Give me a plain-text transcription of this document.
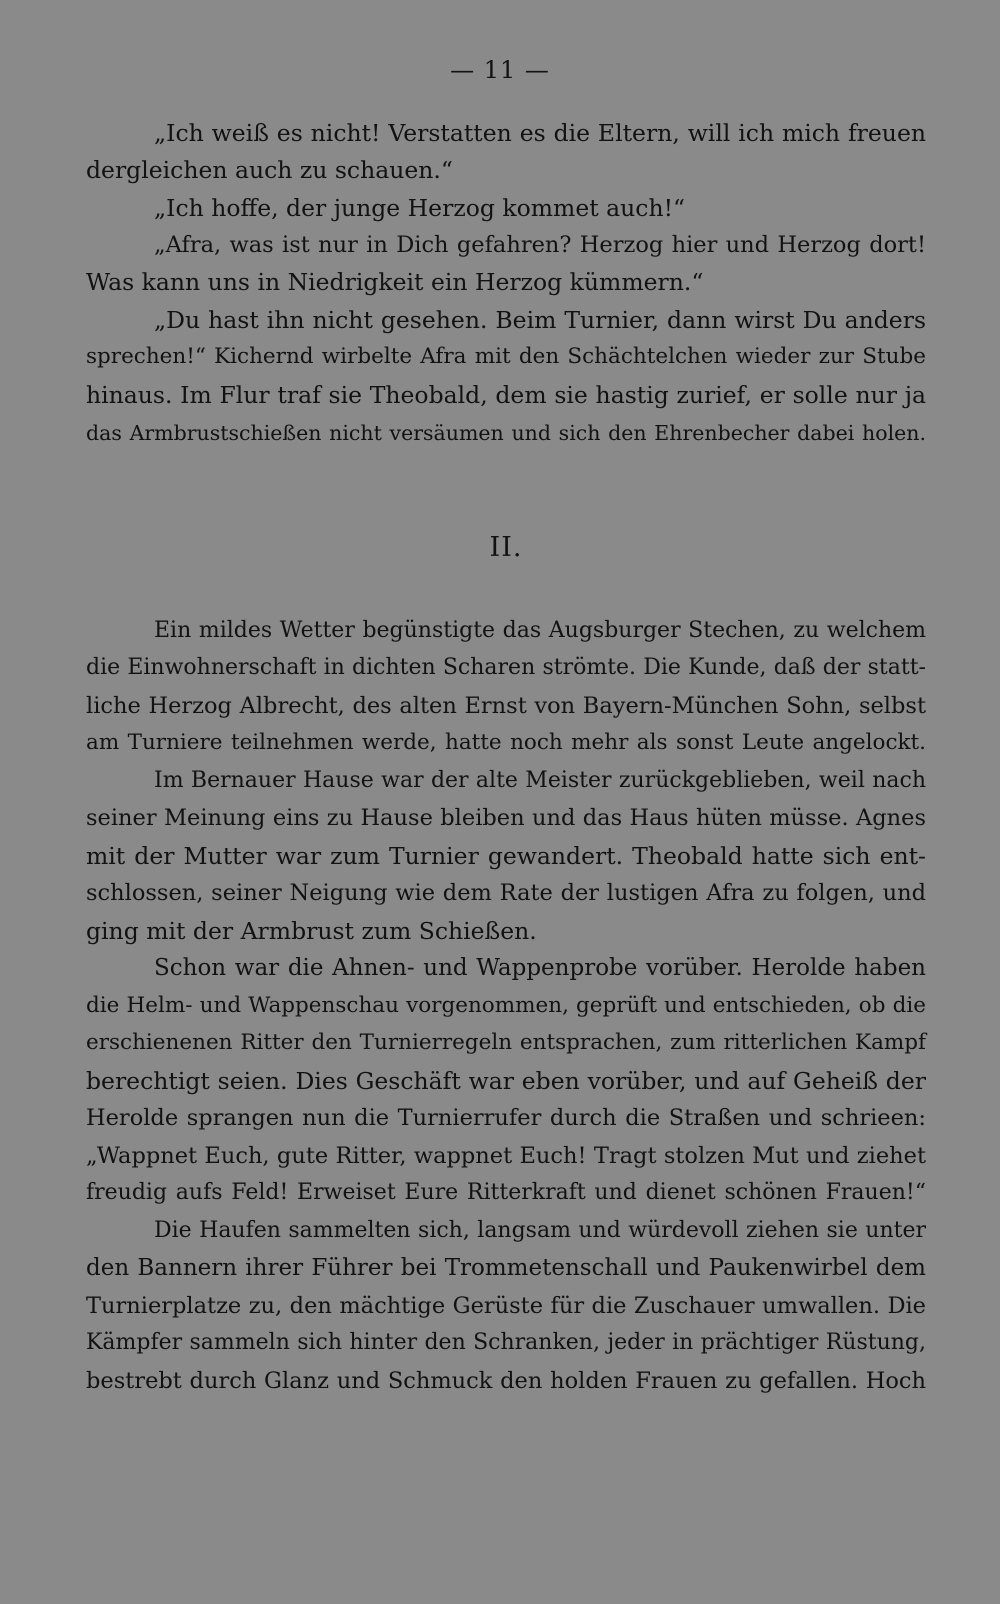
— 11 —
„Ich weiß es nicht! Verstatten es die Eltern, will ich mich freuen
dergleichen auch zu schauen.“
„Ich hoffe, der junge Herzog kommet auch!“
„Afra, was ist nur in Dich gefahren? Herzog hier und Herzog dort!
Was kann uns in Niedrigkeit ein Herzog kümmern.“
„Du hast ihn nicht gesehen. Beim Turnier, dann wirst Du anders
sprechen!“ Kichernd wirbelte Afra mit den Schächtelchen wieder zur Stube
hinaus. Im Flur traf sie Theobald, dem sie hastig zurief, er solle nur ja
das Armbrustschießen nicht versäumen und sich den Ehrenbecher dabei holen.
II.
Ein mildes Wetter begünstigte das Augsburger Stechen, zu welchem
die Einwohnerschaft in dichten Scharen strömte. Die Kunde, daß der statt-
liche Herzog Albrecht, des alten Ernst von Bayern-München Sohn, selbst
am Turniere teilnehmen werde, hatte noch mehr als sonst Leute angelockt.
Im Bernauer Hause war der alte Meister zurückgeblieben, weil nach
seiner Meinung eins zu Hause bleiben und das Haus hüten müsse. Agnes
mit der Mutter war zum Turnier gewandert. Theobald hatte sich ent-
schlossen, seiner Neigung wie dem Rate der lustigen Afra zu folgen, und
ging mit der Armbrust zum Schießen.
Schon war die Ahnen- und Wappenprobe vorüber. Herolde haben
die Helm- und Wappenschau vorgenommen, geprüft und entschieden, ob die
erschienenen Ritter den Turnierregeln entsprachen, zum ritterlichen Kampf
berechtigt seien. Dies Geschäft war eben vorüber, und auf Geheiß der
Herolde sprangen nun die Turnierrufer durch die Straßen und schrieen:
„Wappnet Euch, gute Ritter, wappnet Euch! Tragt stolzen Mut und ziehet
freudig aufs Feld! Erweiset Eure Ritterkraft und dienet schönen Frauen!“
Die Haufen sammelten sich, langsam und würdevoll ziehen sie unter
den Bannern ihrer Führer bei Trommetenschall und Paukenwirbel dem
Turnierplatze zu, den mächtige Gerüste für die Zuschauer umwallen. Die
Kämpfer sammeln sich hinter den Schranken, jeder in prächtiger Rüstung,
bestrebt durch Glanz und Schmuck den holden Frauen zu gefallen. Hoch
